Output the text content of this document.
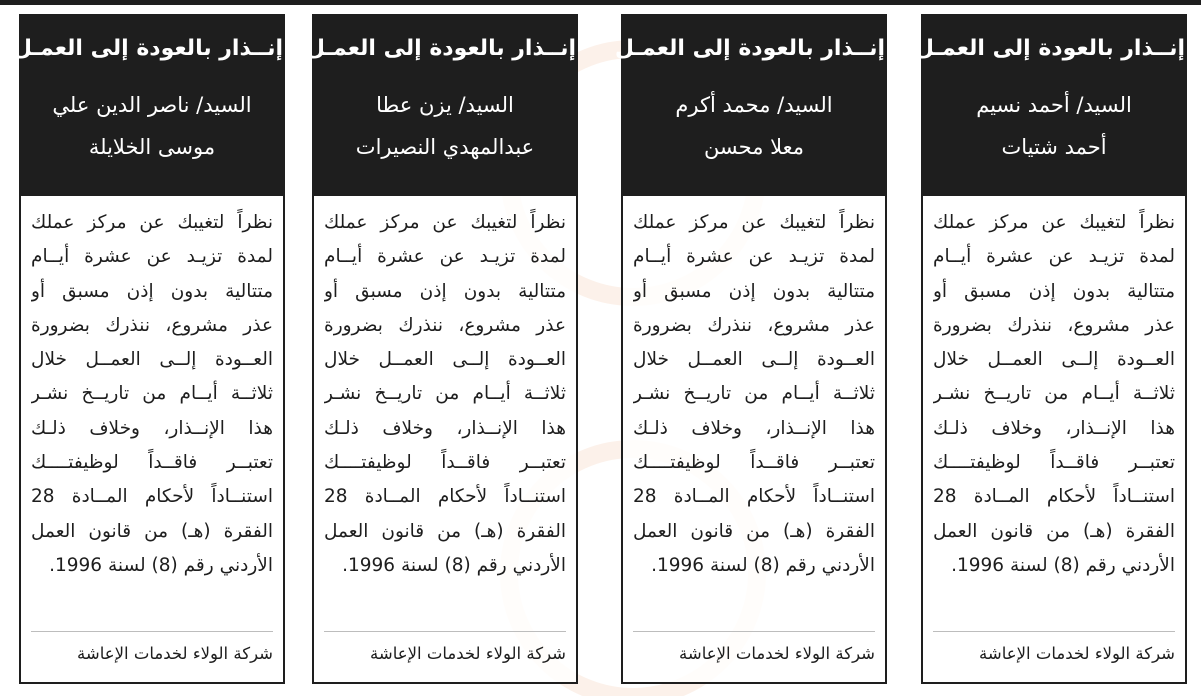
إنــذار بالعودة إلى العمـل
السيد/ ناصر الدين علي
موسى الخلايلة
نظراً لتغيبك عن مركز عملك
لمدة تزيـد عن عشرة أيــام
متتالية بدون إذن مسبق أو
عذر مشروع، ننذرك بضرورة
العــودة إلــى العمــل خلال
ثلاثــة أيــام من تاريــخ نشـر
هذا الإنــذار، وخلاف ذلـك
تعتبــر فاقــداً لوظيفتــــك
استنــاداً لأحكام المــادة 28
الفقرة (هـ) من قانون العمل
الأردني رقم (8) لسنة 1996.
شركة الولاء لخدمات الإعاشة
إنــذار بالعودة إلى العمـل
السيد/ يزن عطا
عبدالمهدي النصيرات
نظراً لتغيبك عن مركز عملك
لمدة تزيـد عن عشرة أيــام
متتالية بدون إذن مسبق أو
عذر مشروع، ننذرك بضرورة
العــودة إلــى العمــل خلال
ثلاثــة أيــام من تاريــخ نشـر
هذا الإنــذار، وخلاف ذلـك
تعتبــر فاقــداً لوظيفتــــك
استنــاداً لأحكام المــادة 28
الفقرة (هـ) من قانون العمل
الأردني رقم (8) لسنة 1996.
شركة الولاء لخدمات الإعاشة
إنــذار بالعودة إلى العمـل
السيد/ محمد أكرم
معلا محسن
نظراً لتغيبك عن مركز عملك
لمدة تزيـد عن عشرة أيــام
متتالية بدون إذن مسبق أو
عذر مشروع، ننذرك بضرورة
العــودة إلــى العمــل خلال
ثلاثــة أيــام من تاريــخ نشـر
هذا الإنــذار، وخلاف ذلـك
تعتبــر فاقــداً لوظيفتــــك
استنــاداً لأحكام المــادة 28
الفقرة (هـ) من قانون العمل
الأردني رقم (8) لسنة 1996.
شركة الولاء لخدمات الإعاشة
إنــذار بالعودة إلى العمـل
السيد/ أحمد نسيم
أحمد شتيات
نظراً لتغيبك عن مركز عملك
لمدة تزيـد عن عشرة أيــام
متتالية بدون إذن مسبق أو
عذر مشروع، ننذرك بضرورة
العــودة إلــى العمــل خلال
ثلاثــة أيــام من تاريــخ نشـر
هذا الإنــذار، وخلاف ذلـك
تعتبــر فاقــداً لوظيفتــــك
استنــاداً لأحكام المــادة 28
الفقرة (هـ) من قانون العمل
الأردني رقم (8) لسنة 1996.
شركة الولاء لخدمات الإعاشة
